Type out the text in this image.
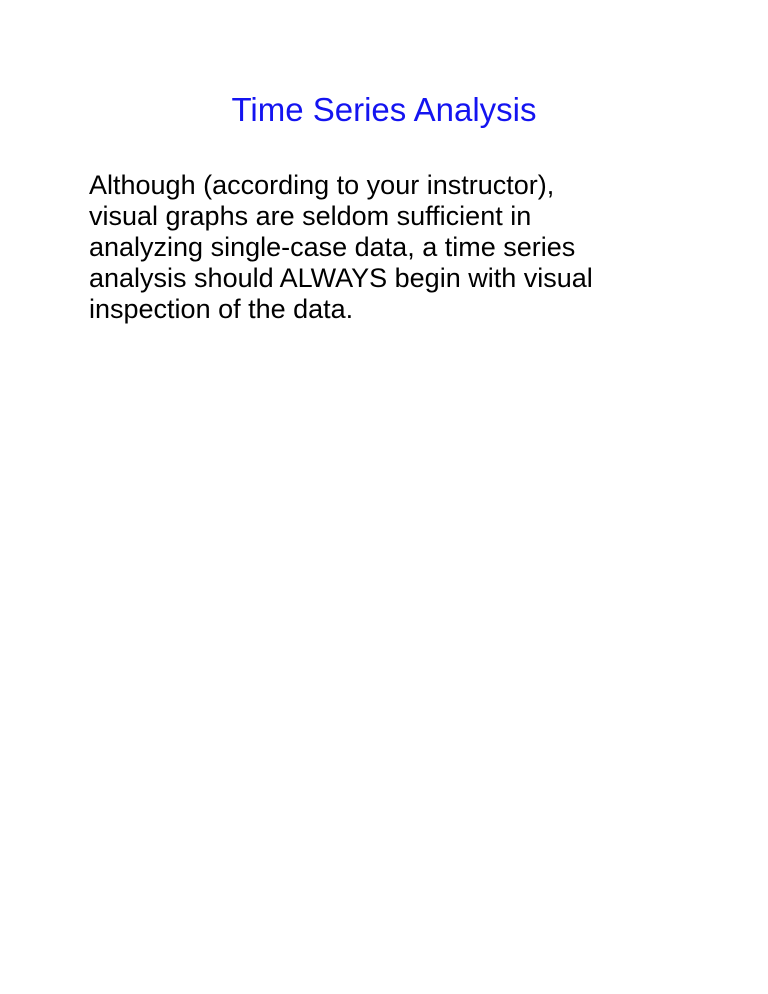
Time Series Analysis

Although (according to your instructor),
visual graphs are seldom sufficient in
analyzing single-case data, a time series
analysis should ALWAYS begin with visual
inspection of the data.
